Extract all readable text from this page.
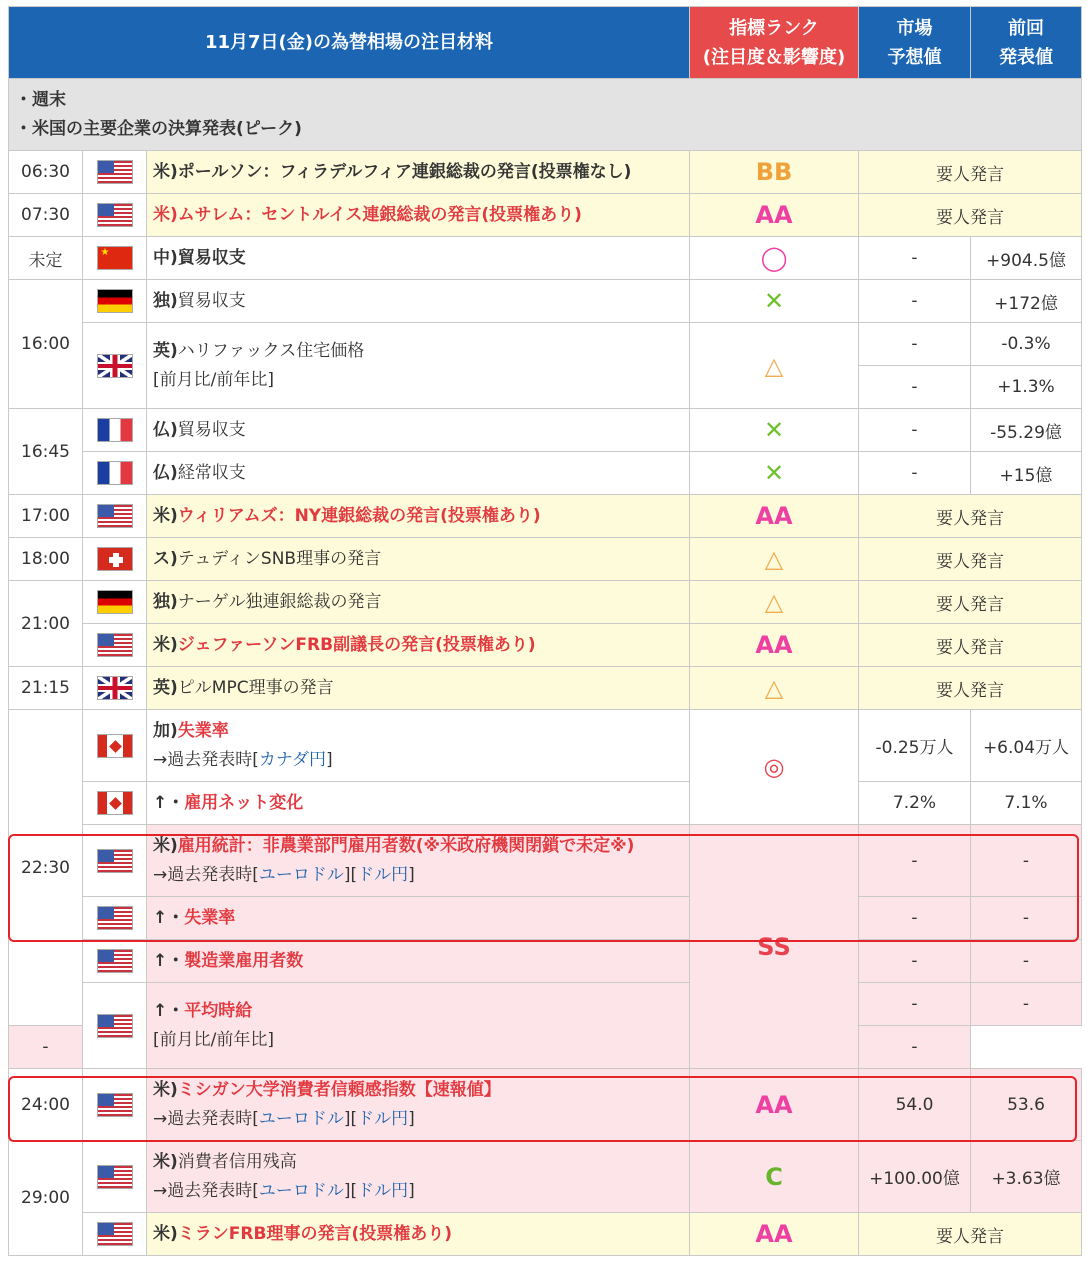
11月7日(金)の為替相場の注目材料			指標ランク
(注目度＆影響度)	市場
予想値	前回
発表値

・週末
・米国の主要企業の決算発表(ピーク)					

06:30		米)ポールソン：フィラデルフィア連銀総裁の発言(投票権なし)	BB	要人発言	
07:30		米)ムサレム：セントルイス連銀総裁の発言(投票権あり)	AA	要人発言	
未定	★	中)貿易収支	◯	-	+904.5億
16:00		独)貿易収支	✕	-	+172億
		英)ハリファックス住宅価格
[前月比/前年比]	△	-	-0.3%
				-	+1.3%

16:45		仏)貿易収支	✕	-	-55.29億
		仏)経常収支	✕	-	+15億
17:00		米)ウィリアムズ：NY連銀総裁の発言(投票権あり)	AA	要人発言	
18:00		ス)テュディンSNB理事の発言	△	要人発言	
21:00		独)ナーゲル独連銀総裁の発言	△	要人発言	
		米)ジェファーソンFRB副議長の発言(投票権あり)	AA	要人発言	
21:15		英)ピルMPC理事の発言	△	要人発言	
22:30		加)失業率
→過去発表時[カナダ円]	◎	-0.25万人	+6.04万人
		↑・雇用ネット変化		7.2%	7.1%
		米)雇用統計：非農業部門雇用者数(※米政府機関閉鎖で未定※)
→過去発表時[ユーロドル][ドル円]	SS	-	-
		↑・失業率		-	-
		↑・製造業雇用者数		-	-
		↑・平均時給
[前月比/前年比]		-	-
-				-	
24:00		米)ミシガン大学消費者信頼感指数【速報値】
→過去発表時[ユーロドル][ドル円]	AA	54.0	53.6
29:00		米)消費者信用残高
→過去発表時[ユーロドル][ドル円]	C	+100.00億	+3.63億
		米)ミランFRB理事の発言(投票権あり)	AA	要人発言	
